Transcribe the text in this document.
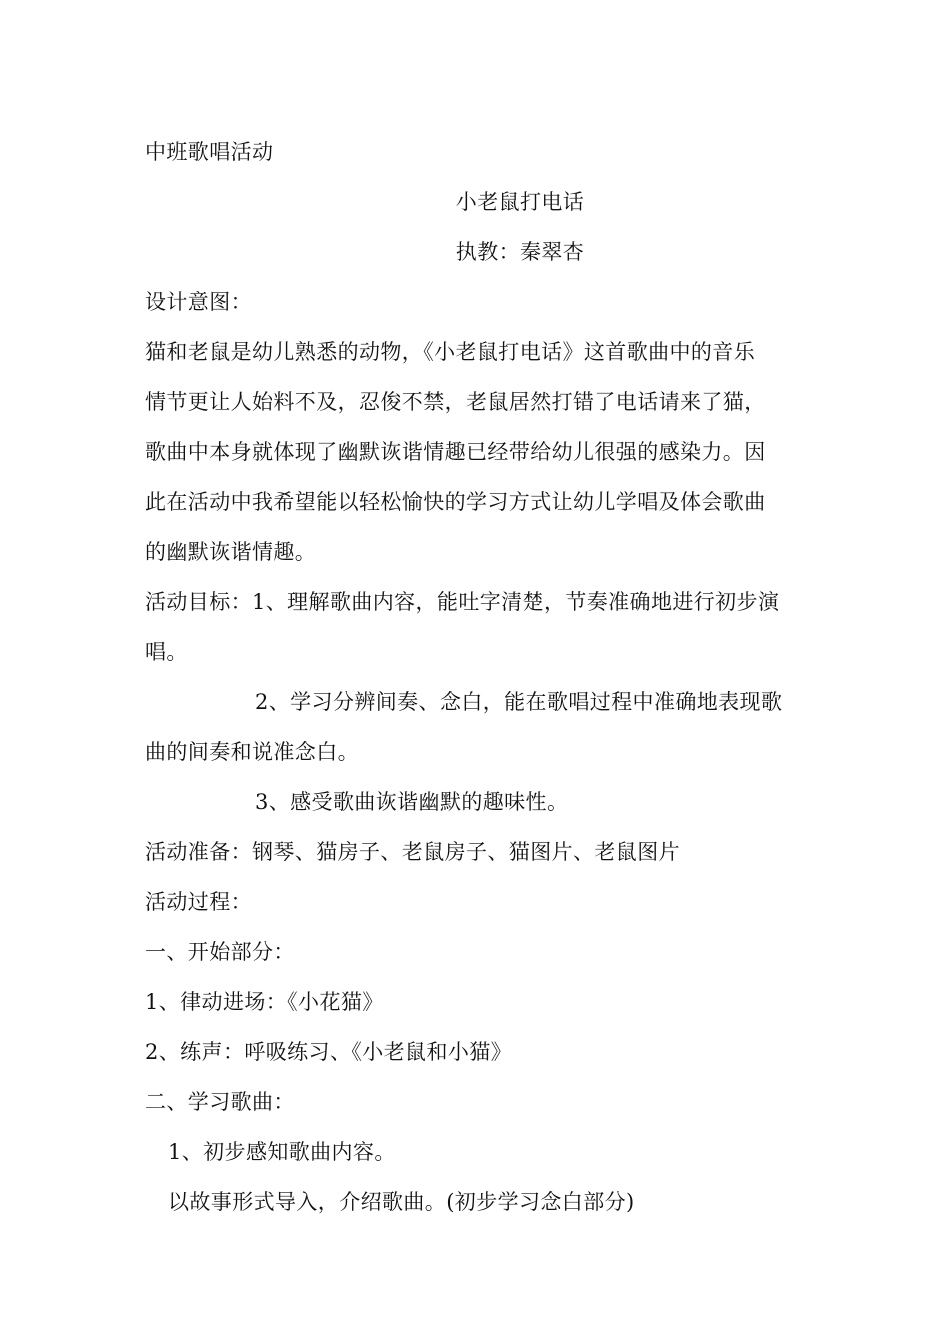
中班歌唱活动
小老鼠打电话
执教：秦翠杏
设计意图：
猫和老鼠是幼儿熟悉的动物，《小老鼠打电话》这首歌曲中的音乐
情节更让人始料不及，忍俊不禁，老鼠居然打错了电话请来了猫，
歌曲中本身就体现了幽默诙谐情趣已经带给幼儿很强的感染力。因
此在活动中我希望能以轻松愉快的学习方式让幼儿学唱及体会歌曲
的幽默诙谐情趣。
活动目标：1、理解歌曲内容，能吐字清楚，节奏准确地进行初步演
唱。
2、学习分辨间奏、念白，能在歌唱过程中准确地表现歌
曲的间奏和说准念白。
3、感受歌曲诙谐幽默的趣味性。
活动准备：钢琴、猫房子、老鼠房子、猫图片、老鼠图片
活动过程：
一、开始部分：
1、律动进场：《小花猫》
2、练声：呼吸练习、《小老鼠和小猫》
二、学习歌曲：
1、初步感知歌曲内容。
以故事形式导入，介绍歌曲。(初步学习念白部分)
